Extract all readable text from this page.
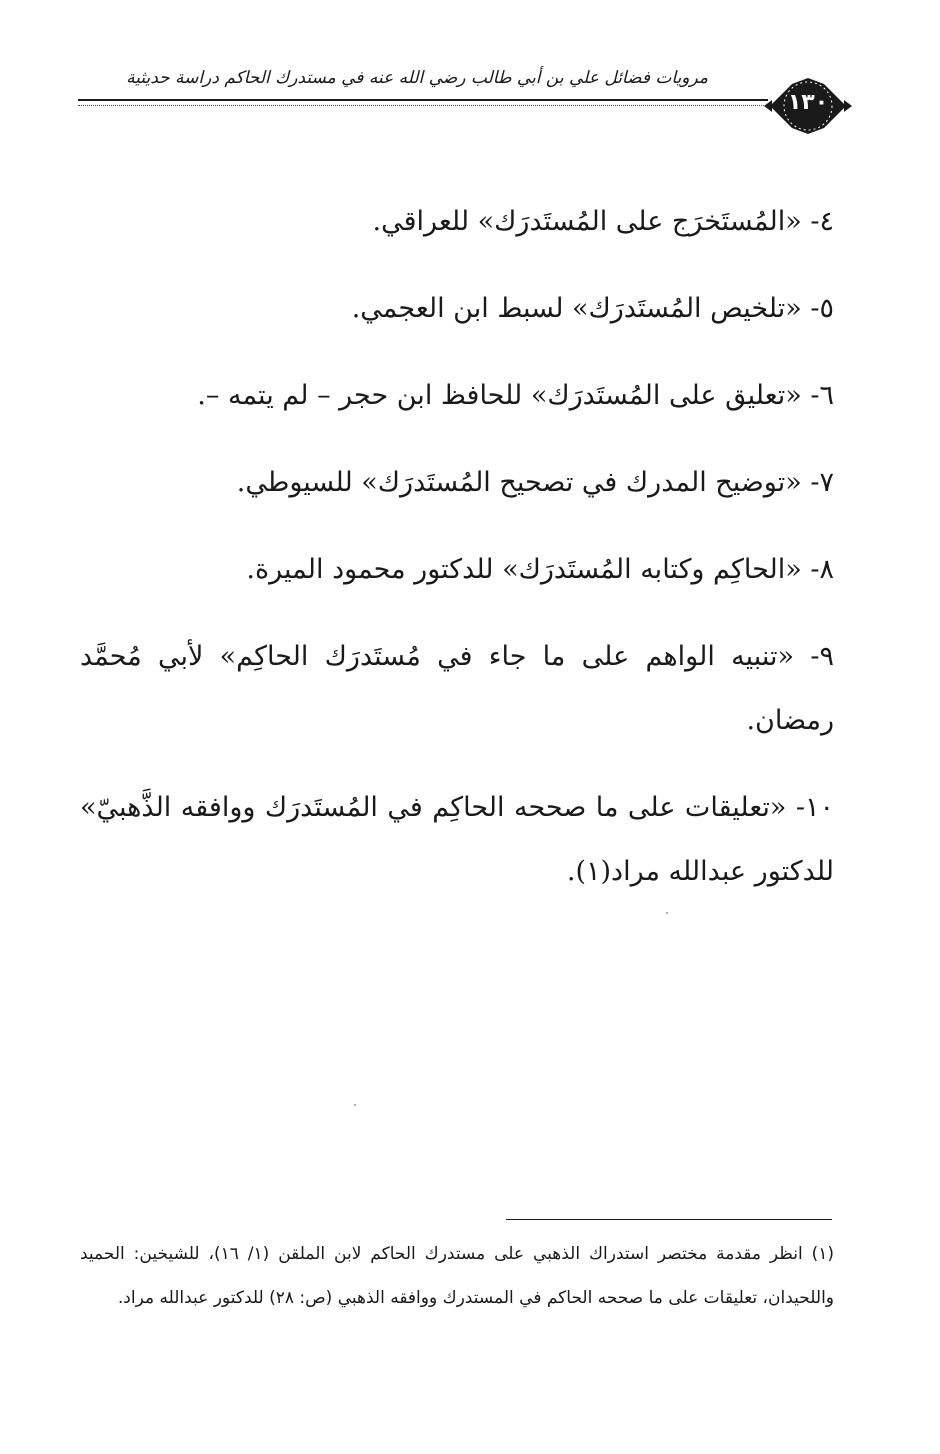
مرويات فضائل علي بن أبي طالب رضي الله عنه في مستدرك الحاكم دراسة حديثية
١٣٠

٤- «المُستَخرَج على المُستَدرَك» للعراقي.

٥- «تلخيص المُستَدرَك» لسبط ابن العجمي.

٦- «تعليق على المُستَدرَك» للحافظ ابن حجر – لم يتمه –.

٧- «توضيح المدرك في تصحيح المُستَدرَك» للسيوطي.

٨- «الحاكِم وكتابه المُستَدرَك» للدكتور محمود الميرة.

٩- «تنبيه الواهم على ما جاء في مُستَدرَك الحاكِم» لأبي مُحمَّد رمضان.

١٠- «تعليقات على ما صححه الحاكِم في المُستَدرَك ووافقه الذَّهبيّ» للدكتور عبدالله مراد(١).

(١) انظر مقدمة مختصر استدراك الذهبي على مستدرك الحاكم لابن الملقن (١/ ١٦)، للشيخين: الحميد واللحيدان، تعليقات على ما صححه الحاكم في المستدرك ووافقه الذهبي (ص: ٢٨) للدكتور عبدالله مراد.
